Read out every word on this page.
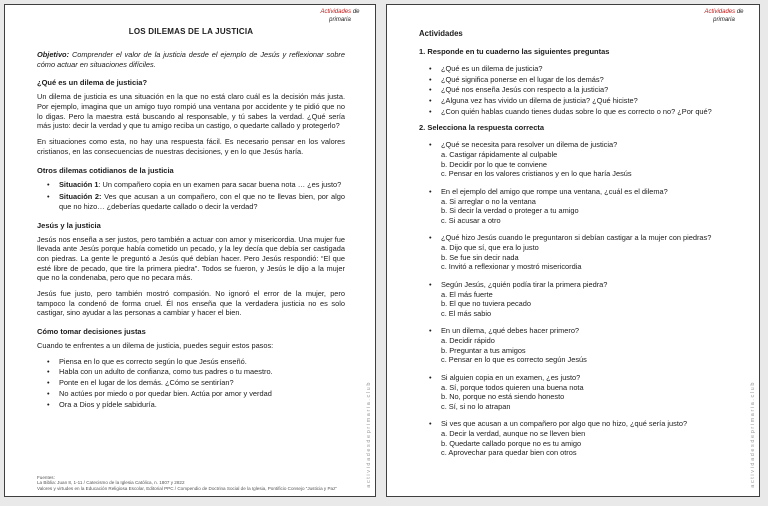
Actividades de
primaria
LOS DILEMAS DE LA JUSTICIA

Objetivo: Comprender el valor de la justicia desde el ejemplo de Jesús y reflexionar sobre cómo actuar en situaciones difíciles.

¿Qué es un dilema de justicia?

Un dilema de justicia es una situación en la que no está claro cuál es la decisión más justa. Por ejemplo, imagina que un amigo tuyo rompió una ventana por accidente y te pidió que no lo digas. Pero la maestra está buscando al responsable, y tú sabes la verdad. ¿Qué sería más justo: decir la verdad y que tu amigo reciba un castigo, o quedarte callado y protegerlo?

En situaciones como esta, no hay una respuesta fácil. Es necesario pensar en los valores cristianos, en las consecuencias de nuestras decisiones, y en lo que Jesús haría.

Otros dilemas cotidianos de la justicia
•	Situación 1: Un compañero copia en un examen para sacar buena nota … ¿es justo?
•	Situación 2: Ves que acusan a un compañero, con el que no te llevas bien, por algo que no hizo… ¿deberías quedarte callado o decir la verdad?
Jesús y la justicia

Jesús nos enseña a ser justos, pero también a actuar con amor y misericordia. Una mujer fue llevada ante Jesús porque había cometido un pecado, y la ley decía que debía ser castigada con piedras. La gente le preguntó a Jesús qué debían hacer. Pero Jesús respondió: “El que esté libre de pecado, que tire la primera piedra”. Todos se fueron, y Jesús le dijo a la mujer que no la condenaba, pero que no pecara más.

Jesús fue justo, pero también mostró compasión. No ignoró el error de la mujer, pero tampoco la condenó de forma cruel. Él nos enseña que la verdadera justicia no es solo castigar, sino ayudar a las personas a cambiar y hacer el bien.

Cómo tomar decisiones justas

Cuando te enfrentes a un dilema de justicia, puedes seguir estos pasos:

•	Piensa en lo que es correcto según lo que Jesús enseñó.
•	Habla con un adulto de confianza, como tus padres o tu maestro.
•	Ponte en el lugar de los demás. ¿Cómo se sentirían?
•	No actúes por miedo o por quedar bien. Actúa por amor y verdad
•	Ora a Dios y pídele sabiduría.
Fuentes:
La Biblia: Juan 8, 1-11 / Catecismo de la Iglesia Católica, n. 1807 y 2822
Valores y virtudes en la Educación Religiosa Escolar, Editorial PPC / Compendio de Doctrina Social de la Iglesia, Pontificio Consejo “Justicia y Paz”
actividadesdeprimaria.club
Actividades de
primaria
Actividades
1. Responde en tu cuaderno las siguientes preguntas
•	¿Qué es un dilema de justicia?
•	¿Qué significa ponerse en el lugar de los demás?
•	¿Qué nos enseña Jesús con respecto a la justicia?
•	¿Alguna vez has vivido un dilema de justicia? ¿Qué hiciste?
•	¿Con quién hablas cuando tienes dudas sobre lo que es correcto o no? ¿Por qué?
2. Selecciona la respuesta correcta
•	¿Qué se necesita para resolver un dilema de justicia?
a. Castigar rápidamente al culpable
b. Decidir por lo que te conviene
c. Pensar en los valores cristianos y en lo que haría Jesús
•	En el ejemplo del amigo que rompe una ventana, ¿cuál es el dilema?
a. Si arreglar o no la ventana
b. Si decir la verdad o proteger a tu amigo
c. Si acusar a otro
•	¿Qué hizo Jesús cuando le preguntaron si debían castigar a la mujer con piedras?
a. Dijo que sí, que era lo justo
b. Se fue sin decir nada
c. Invitó a reflexionar y mostró misericordia
•	Según Jesús, ¿quién podía tirar la primera piedra?
a. El más fuerte
b. El que no tuviera pecado
c. El más sabio
•	En un dilema, ¿qué debes hacer primero?
a. Decidir rápido
b. Preguntar a tus amigos
c. Pensar en lo que es correcto según Jesús
•	Si alguien copia en un examen, ¿es justo?
a. Sí, porque todos quieren una buena nota
b. No, porque no está siendo honesto
c. Sí, si no lo atrapan
•	Si ves que acusan a un compañero por algo que no hizo, ¿qué sería justo?
a. Decir la verdad, aunque no se lleven bien
b. Quedarte callado porque no es tu amigo
c. Aprovechar para quedar bien con otros	actividadesdeprimaria.club
